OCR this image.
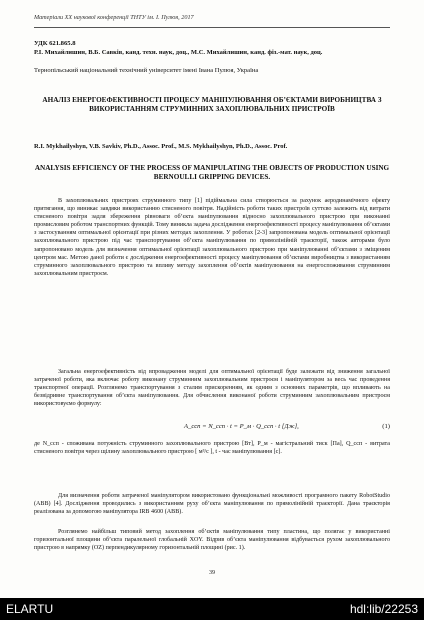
Матеріали XX наукової конференції ТНТУ ім. І. Пулюя, 2017
УДК 621.865.8
Р.І. Михайлишин, В.Б. Савків, канд. техн. наук, доц., М.С. Михайлишин, канд. фіз.-мат. наук, доц.
Тернопільський національний технічний університет імені Івана Пулюя, Україна
АНАЛІЗ ЕНЕРГОЕФЕКТИВНОСТІ ПРОЦЕСУ МАНІПУЛЮВАННЯ ОБ’ЄКТАМИ ВИРОБНИЦТВА З ВИКОРИСТАННЯМ СТРУМИННИХ ЗАХОПЛЮВАЛЬНИХ ПРИСТРОЇВ
R.I. Mykhailyshyn, V.B. Savkiv, Ph.D., Assoc. Prof., M.S. Mykhailyshyn, Ph.D., Assoc. Prof.
ANALYSIS EFFICIENCY OF THE PROCESS OF MANIPULATING THE OBJECTS OF PRODUCTION USING BERNOULLI GRIPPING DEVICES.
В захоплювальних пристроях струминного типу [1] підіймальна сила створюється за рахунок аеродинамічного ефекту притягання, що виникає завдяки використанню стисненого повітря. Надійність роботи таких пристроїв суттєво залежить від витрати стисненого повітря задля збереження рівноваги об’єкта маніпулювання відносно захоплювального пристрою при виконанні промисловим роботом транспортних функцій. Тому виникла задача дослідження енергоефективності процесу маніпулювання об’єктами з застосуванням оптимальної орієнтації при різних методах захоплення. У роботах [2-3] запропонована модель оптимальної орієнтації захоплювального пристрою під час транспортування об’єкта маніпулювання по прямолінійній траєкторії, також авторами було запропоновано модель для визначення оптимальної орієнтації захоплювального пристрою при маніпулюванні об’єктами з зміщеним центром мас. Метою даної роботи є дослідження енергоефективності процесу маніпулювання об’єктами виробництва з використанням струминного захоплювального пристрою та впливу методу захоплення об’єктів маніпулювання на енергоспоживання струминним захоплювальним пристроєм.
Загальна енергоефективність від впровадження моделі для оптимальної орієнтації буде залежати від зниження загальної затраченої роботи, яка включає роботу виконану струминним захоплювальним пристроєм і маніпулятором за весь час проведення транспортної операції. Розглянемо транспортування з сталим прискоренням, як одним з основних параметрів, що впливають на безвідривне транспортування об’єкта маніпулювання. Для обчислення виконаної роботи струминним захоплювальним пристроєм використовуємо формулу:
A_ссп = N_ссп · t = P_м · Q_ссп · t [Дж],	(1)
де N_ссп - споживана потужність струминного захоплювального пристрою [Вт], P_м - магістральний тиск [Па], Q_ссп - витрата стисненого повітря через щілину захоплювального пристрою [ м³/с ], t - час маніпулювання [с].
Для визначення роботи затраченої маніпулятором використовано функціональні можливості програмного пакету RobotStudio (ABB) [4]. Дослідження проводились з використанням руху об’єкта маніпулювання по прямолінійній траєкторії. Дана траєкторія реалізована за допомогою маніпулятора IRB 4600 (ABB).
Розглянемо найбільш типовий метод захоплення об’єктів маніпулювання типу пластина, що полягає у використанні горизонтальної площини об’єкта паралельної глобальній XOY. Відрив об’єкта маніпулювання відбувається рухом захоплювального пристрою в напрямку (OZ) перпендикулярному горизонтальній площині (рис. 1).
39
ELARTU	hdl:lib/22253
